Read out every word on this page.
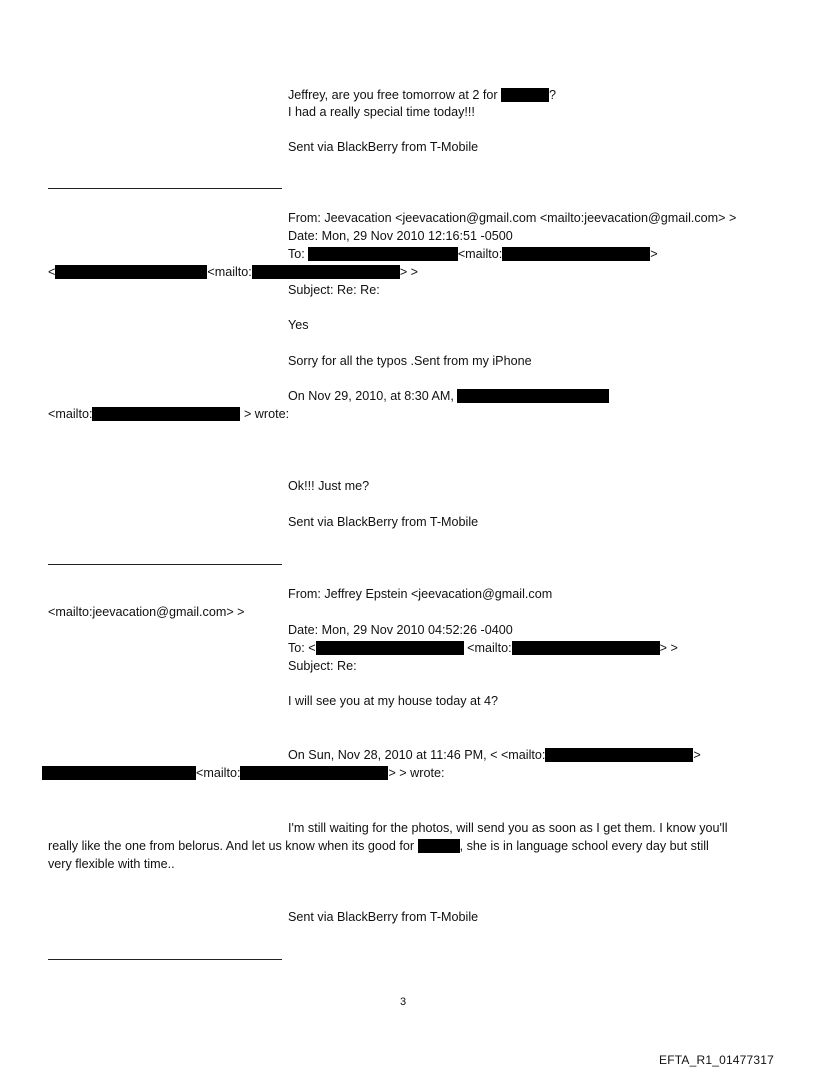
Jeffrey, are you free tomorrow at 2 for	?
I had a really special time today!!!
Sent via BlackBerry from T-Mobile
From: Jeevacation <jeevacation@gmail.com <mailto:jeevacation@gmail.com> >
Date: Mon, 29 Nov 2010 12:16:51 -0500
To:	<mailto:	>
<	<mailto:	> >
Subject: Re: Re:
Yes
Sorry for all the typos .Sent from my iPhone
On Nov 29, 2010, at 8:30 AM,
<mailto:	> wrote:
Ok!!! Just me?
Sent via BlackBerry from T-Mobile
From: Jeffrey Epstein <jeevacation@gmail.com
<mailto:jeevacation@gmail.com> >
Date: Mon, 29 Nov 2010 04:52:26 -0400
To: <	<mailto:	> >
Subject: Re:
I will see you at my house today at 4?
On Sun, Nov 28, 2010 at 11:46 PM, < <mailto:	>
<mailto:	> > wrote:
I'm still waiting for the photos, will send you as soon as I get them. I know you'll
really like the one from belorus. And let us know when its good for	, she is in language school every day but still
very flexible with time..
Sent via BlackBerry from T-Mobile
3
EFTA_R1_01477317
